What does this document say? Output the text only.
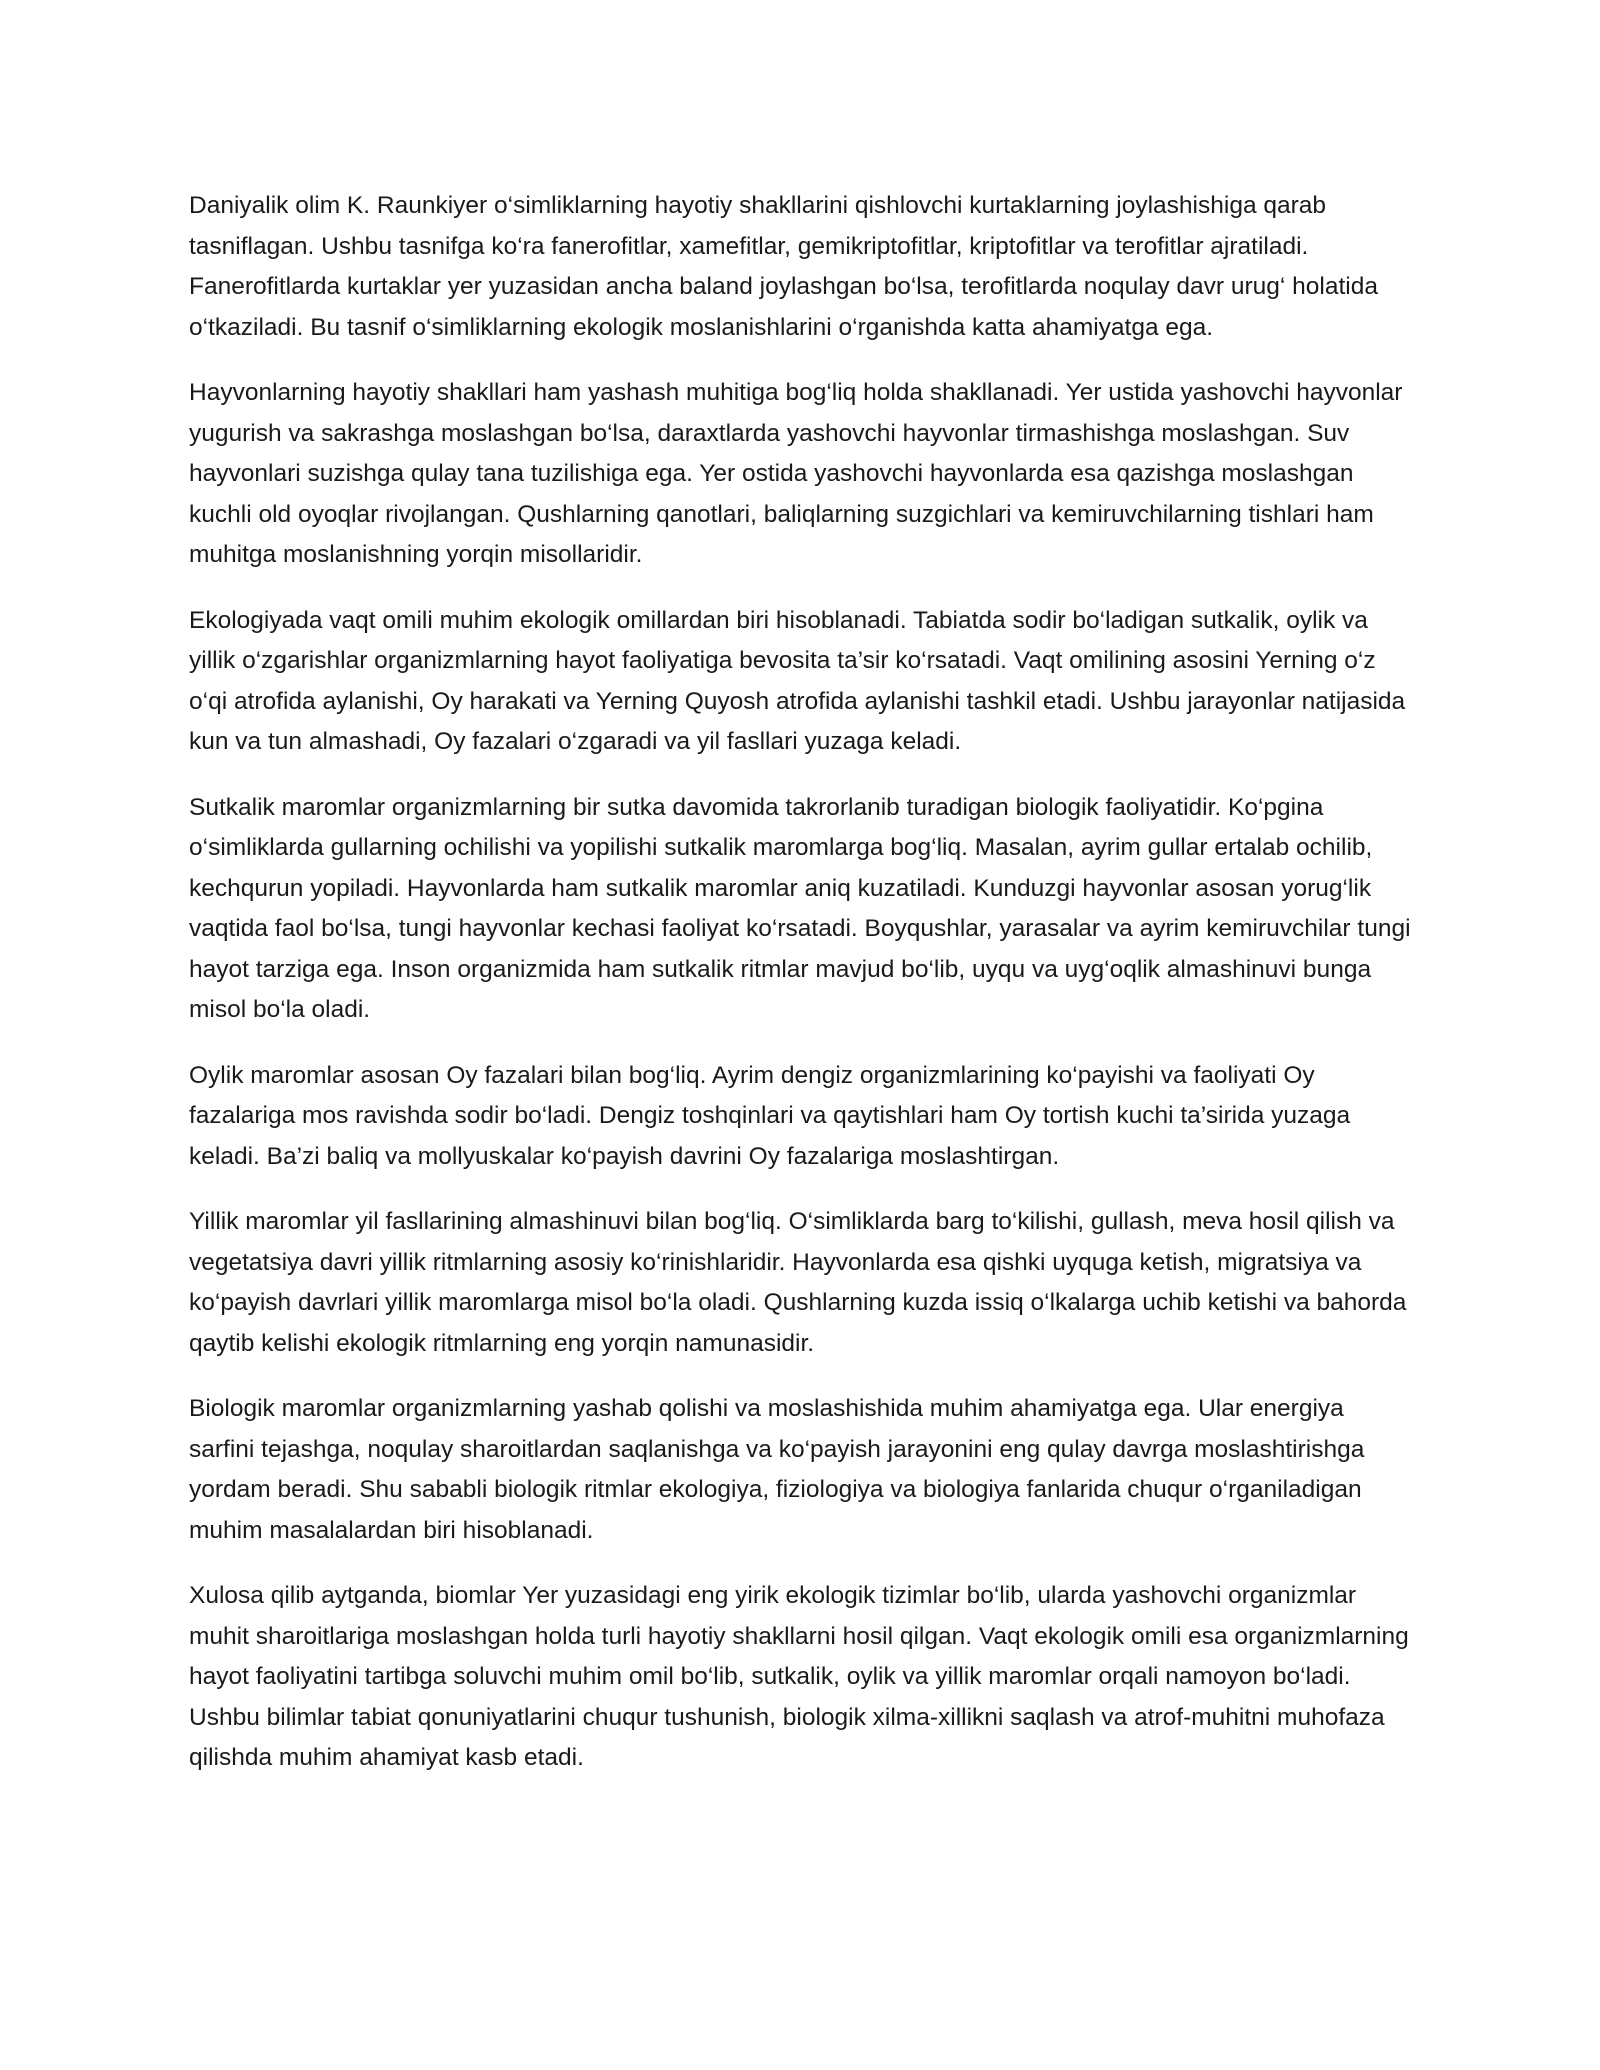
Daniyalik olim K. Raunkiyer o‘simliklarning hayotiy shakllarini qishlovchi kurtaklarning joylashishiga qarab tasniflagan. Ushbu tasnifga ko‘ra fanerofitlar, xamefitlar, gemikriptofitlar, kriptofitlar va terofitlar ajratiladi. Fanerofitlarda kurtaklar yer yuzasidan ancha baland joylashgan bo‘lsa, terofitlarda noqulay davr urug‘ holatida o‘tkaziladi. Bu tasnif o‘simliklarning ekologik moslanishlarini o‘rganishda katta ahamiyatga ega.

Hayvonlarning hayotiy shakllari ham yashash muhitiga bog‘liq holda shakllanadi. Yer ustida yashovchi hayvonlar yugurish va sakrashga moslashgan bo‘lsa, daraxtlarda yashovchi hayvonlar tirmashishga moslashgan. Suv hayvonlari suzishga qulay tana tuzilishiga ega. Yer ostida yashovchi hayvonlarda esa qazishga moslashgan kuchli old oyoqlar rivojlangan. Qushlarning qanotlari, baliqlarning suzgichlari va kemiruvchilarning tishlari ham muhitga moslanishning yorqin misollaridir.

Ekologiyada vaqt omili muhim ekologik omillardan biri hisoblanadi. Tabiatda sodir bo‘ladigan sutkalik, oylik va yillik o‘zgarishlar organizmlarning hayot faoliyatiga bevosita ta’sir ko‘rsatadi. Vaqt omilining asosini Yerning o‘z o‘qi atrofida aylanishi, Oy harakati va Yerning Quyosh atrofida aylanishi tashkil etadi. Ushbu jarayonlar natijasida kun va tun almashadi, Oy fazalari o‘zgaradi va yil fasllari yuzaga keladi.

Sutkalik maromlar organizmlarning bir sutka davomida takrorlanib turadigan biologik faoliyatidir. Ko‘pgina o‘simliklarda gullarning ochilishi va yopilishi sutkalik maromlarga bog‘liq. Masalan, ayrim gullar ertalab ochilib, kechqurun yopiladi. Hayvonlarda ham sutkalik maromlar aniq kuzatiladi. Kunduzgi hayvonlar asosan yorug‘lik vaqtida faol bo‘lsa, tungi hayvonlar kechasi faoliyat ko‘rsatadi. Boyqushlar, yarasalar va ayrim kemiruvchilar tungi hayot tarziga ega. Inson organizmida ham sutkalik ritmlar mavjud bo‘lib, uyqu va uyg‘oqlik almashinuvi bunga misol bo‘la oladi.

Oylik maromlar asosan Oy fazalari bilan bog‘liq. Ayrim dengiz organizmlarining ko‘payishi va faoliyati Oy fazalariga mos ravishda sodir bo‘ladi. Dengiz toshqinlari va qaytishlari ham Oy tortish kuchi ta’sirida yuzaga keladi. Ba’zi baliq va mollyuskalar ko‘payish davrini Oy fazalariga moslashtirgan.

Yillik maromlar yil fasllarining almashinuvi bilan bog‘liq. O‘simliklarda barg to‘kilishi, gullash, meva hosil qilish va vegetatsiya davri yillik ritmlarning asosiy ko‘rinishlaridir. Hayvonlarda esa qishki uyquga ketish, migratsiya va ko‘payish davrlari yillik maromlarga misol bo‘la oladi. Qushlarning kuzda issiq o‘lkalarga uchib ketishi va bahorda qaytib kelishi ekologik ritmlarning eng yorqin namunasidir.

Biologik maromlar organizmlarning yashab qolishi va moslashishida muhim ahamiyatga ega. Ular energiya sarfini tejashga, noqulay sharoitlardan saqlanishga va ko‘payish jarayonini eng qulay davrga moslashtirishga yordam beradi. Shu sababli biologik ritmlar ekologiya, fiziologiya va biologiya fanlarida chuqur o‘rganiladigan muhim masalalardan biri hisoblanadi.

Xulosa qilib aytganda, biomlar Yer yuzasidagi eng yirik ekologik tizimlar bo‘lib, ularda yashovchi organizmlar muhit sharoitlariga moslashgan holda turli hayotiy shakllarni hosil qilgan. Vaqt ekologik omili esa organizmlarning hayot faoliyatini tartibga soluvchi muhim omil bo‘lib, sutkalik, oylik va yillik maromlar orqali namoyon bo‘ladi. Ushbu bilimlar tabiat qonuniyatlarini chuqur tushunish, biologik xilma-xillikni saqlash va atrof-muhitni muhofaza qilishda muhim ahamiyat kasb etadi.
